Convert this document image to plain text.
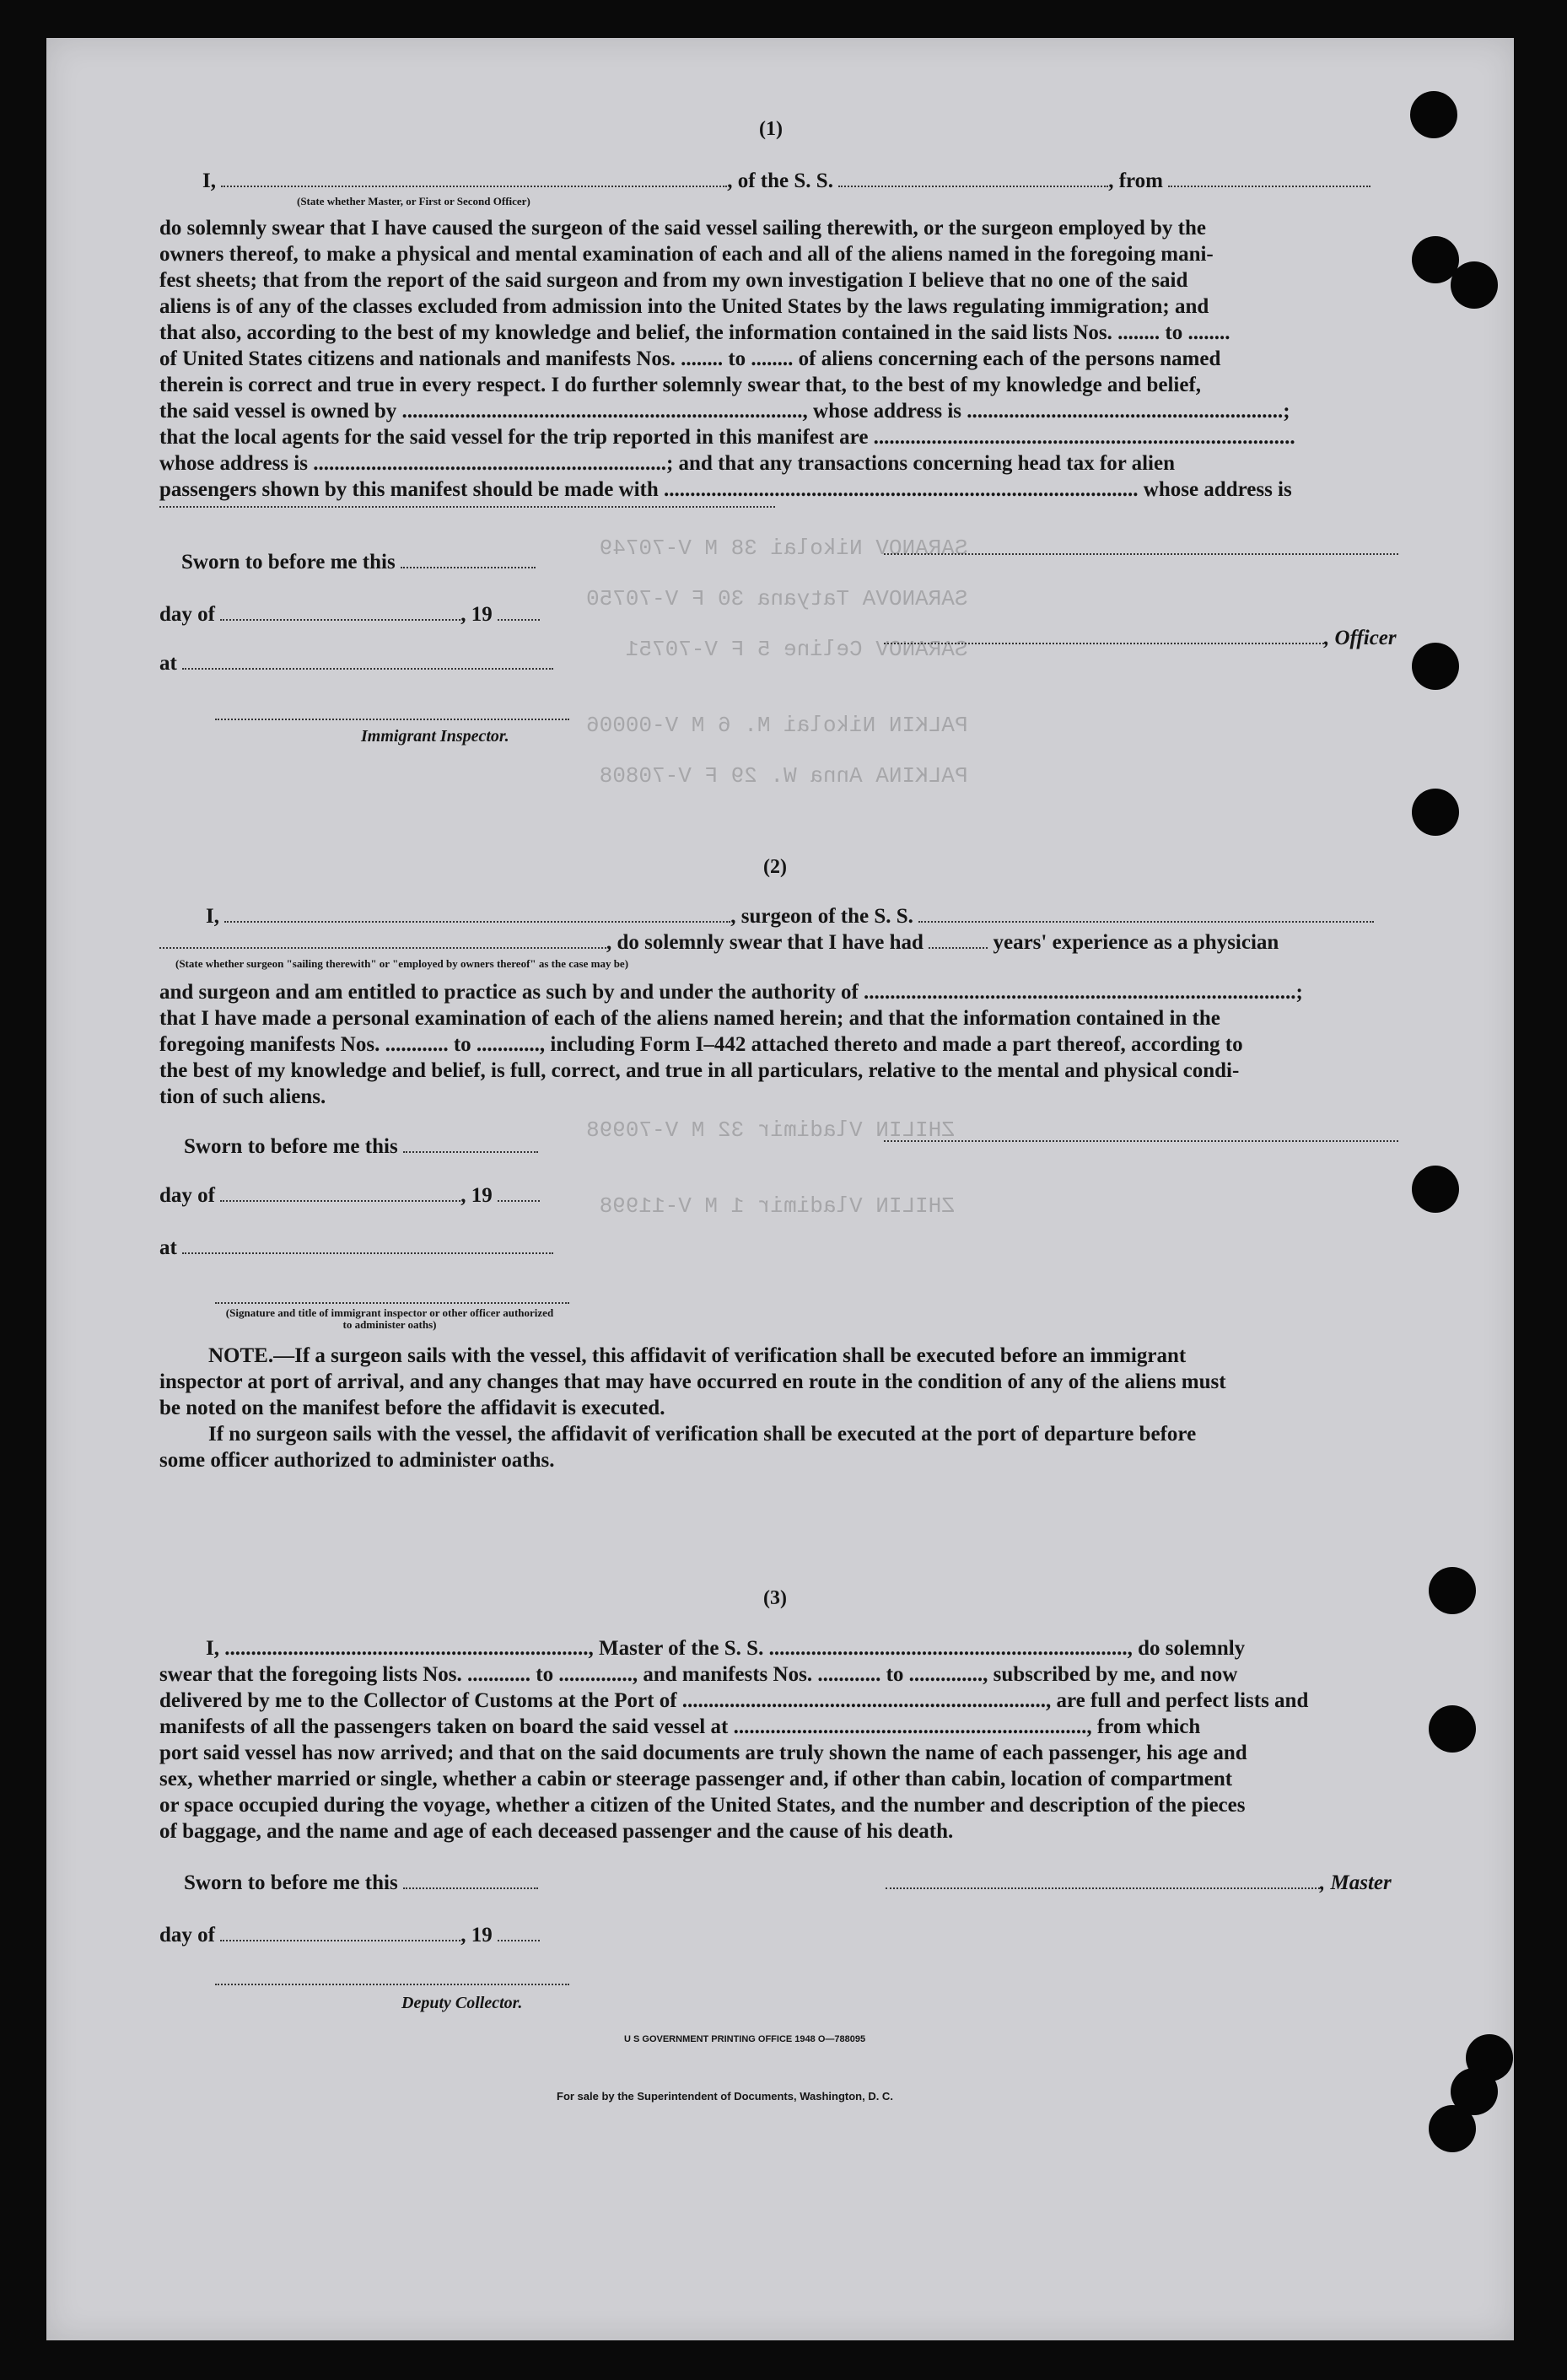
SARANOV Nikolai 38 M V-70749

SARANOVA Tatyana 30 F V-70750

SARANOV Celine 5 F V-70751

PALKIN Nikolai M. 6 M V-00006

PALKINA Anna W. 29 F V-70808
ZHILIN Vladimir 32 M V-70998

ZHILIN Vladimir 1 M V-11998
(1)
I,	, of the S. S.	, from
(State whether Master, or First or Second Officer)
do solemnly swear that I have caused the surgeon of the said vessel sailing therewith, or the surgeon employed by the
owners thereof, to make a physical and mental examination of each and all of the aliens named in the foregoing mani-
fest sheets; that from the report of the said surgeon and from my own investigation I believe that no one of the said
aliens is of any of the classes excluded from admission into the United States by the laws regulating immigration; and
that also, according to the best of my knowledge and belief, the information contained in the said lists Nos. ........ to ........
of United States citizens and nationals and manifests Nos. ........ to ........ of aliens concerning each of the persons named
therein is correct and true in every respect. I do further solemnly swear that, to the best of my knowledge and belief,
the said vessel is owned by ............................................................................, whose address is ............................................................;
that the local agents for the said vessel for the trip reported in this manifest are ................................................................................
whose address is ...................................................................; and that any transactions concerning head tax for alien
passengers shown by this manifest should be made with .......................................................................................... whose address is
Sworn to before me this
day of	, 19
, Officer
at
Immigrant Inspector.
(2)
I,	, surgeon of the S. S.
, do solemnly swear that I have had	years' experience as a physician
(State whether surgeon "sailing therewith" or "employed by owners thereof" as the case may be)
and surgeon and am entitled to practice as such by and under the authority of ..................................................................................;
that I have made a personal examination of each of the aliens named herein; and that the information contained in the
foregoing manifests Nos. ............ to ............, including Form I–442 attached thereto and made a part thereof, according to
the best of my knowledge and belief, is full, correct, and true in all particulars, relative to the mental and physical condi-
tion of such aliens.
Sworn to before me this
day of	, 19
at
(Signature and title of immigrant inspector or other officer authorized to administer oaths)
NOTE.—If a surgeon sails with the vessel, this affidavit of verification shall be executed before an immigrant
inspector at port of arrival, and any changes that may have occurred en route in the condition of any of the aliens must
be noted on the manifest before the affidavit is executed.
If no surgeon sails with the vessel, the affidavit of verification shall be executed at the port of departure before
some officer authorized to administer oaths.
(3)
I, ....................................................................., Master of the S. S. ...................................................................., do solemnly
swear that the foregoing lists Nos. ............ to .............., and manifests Nos. ............ to .............., subscribed by me, and now
delivered by me to the Collector of Customs at the Port of ....................................................................., are full and perfect lists and
manifests of all the passengers taken on board the said vessel at ..................................................................., from which
port said vessel has now arrived; and that on the said documents are truly shown the name of each passenger, his age and
sex, whether married or single, whether a cabin or steerage passenger and, if other than cabin, location of compartment
or space occupied during the voyage, whether a citizen of the United States, and the number and description of the pieces
of baggage, and the name and age of each deceased passenger and the cause of his death.
Sworn to before me this	, Master
day of	, 19
Deputy Collector.
U S GOVERNMENT PRINTING OFFICE 1948 O—788095
For sale by the Superintendent of Documents, Washington, D. C.
